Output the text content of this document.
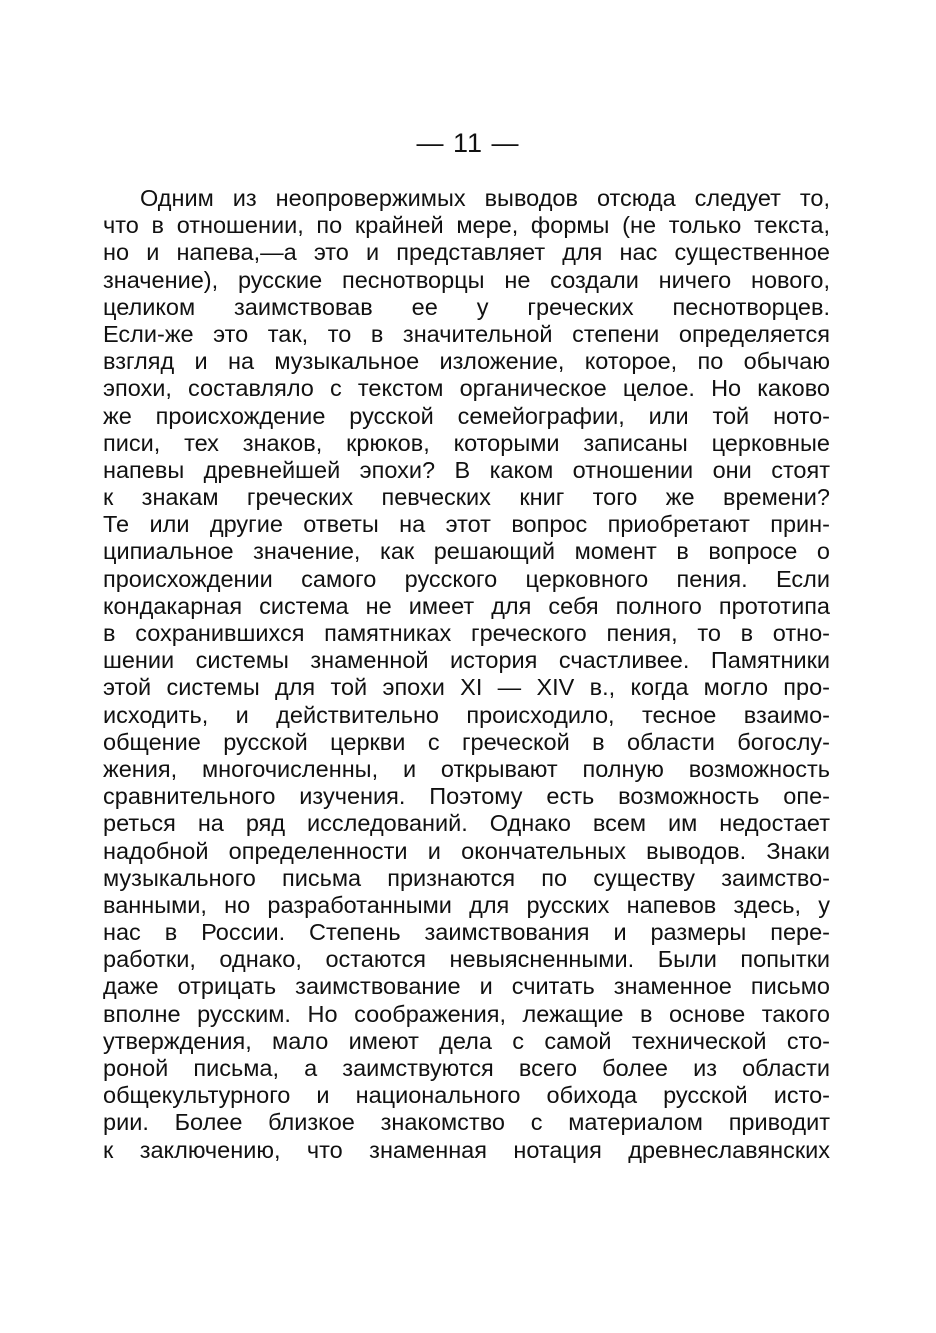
— 11 —
Одним из неопровержимых выводов отсюда следует то,
что в отношении, по крайней мере, формы (не только текста,
но и напева,—а это и представляет для нас существенное
значение), русские песнотворцы не создали ничего нового,
целиком заимствовав ее у греческих песнотворцев.
Если-же это так, то в значительной степени определяется
взгляд и на музыкальное изложение, которое, по обычаю
эпохи, составляло с текстом органическое целое. Но каково
же происхождение русской семейографии, или той ното-
писи, тех знаков, крюков, которыми записаны церковные
напевы древнейшей эпохи? В каком отношении они стоят
к знакам греческих певческих книг того же времени?
Те или другие ответы на этот вопрос приобретают прин-
ципиальное значение, как решающий момент в вопросе о
происхождении самого русского церковного пения. Если
кондакарная система не имеет для себя полного прототипа
в сохранившихся памятниках греческого пения, то в отно-
шении системы знаменной история счастливее. Памятники
этой системы для той эпохи XI — XIV в., когда могло про-
исходить, и действительно происходило, тесное взаимо-
общение русской церкви с греческой в области богослу-
жения, многочисленны, и открывают полную возможность
сравнительного изучения. Поэтому есть возможность опе-
реться на ряд исследований. Однако всем им недостает
надобной определенности и окончательных выводов. Знаки
музыкального письма признаются по существу заимство-
ванными, но разработанными для русских напевов здесь, у
нас в России. Степень заимствования и размеры пере-
работки, однако, остаются невыясненными. Были попытки
даже отрицать заимствование и считать знаменное письмо
вполне русским. Но соображения, лежащие в основе такого
утверждения, мало имеют дела с самой технической сто-
роной письма, а заимствуются всего более из области
общекультурного и национального обихода русской исто-
рии. Более близкое знакомство с материалом приводит
к заключению, что знаменная нотация древнеславянских
